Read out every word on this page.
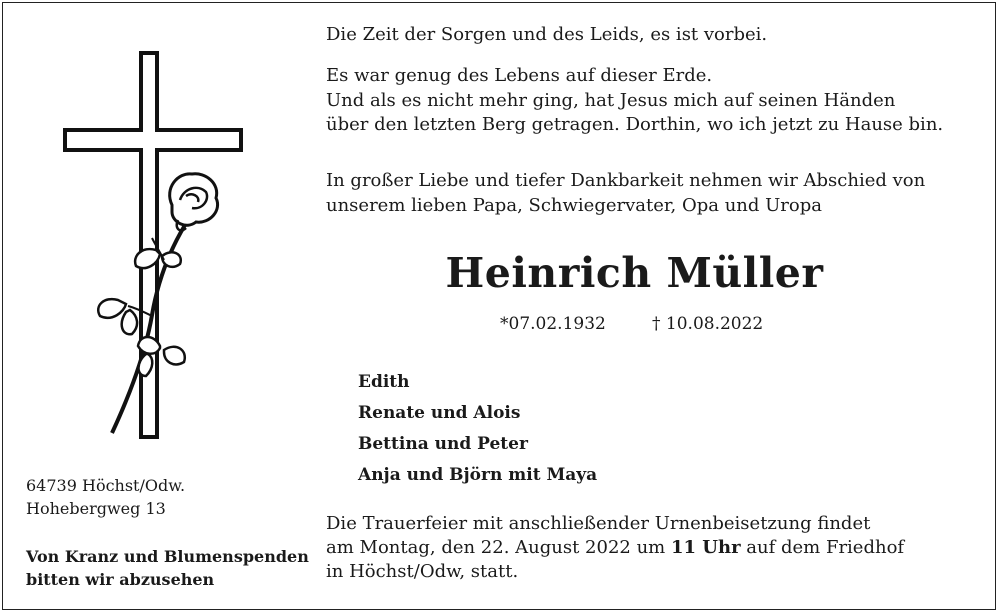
64739 Höchst/Odw.
Hohebergweg 13
Von Kranz und Blumenspenden
bitten wir abzusehen
Die Zeit der Sorgen und des Leids, es ist vorbei.
Es war genug des Lebens auf dieser Erde.
Und als es nicht mehr ging, hat Jesus mich auf seinen Händen
über den letzten Berg getragen. Dorthin, wo ich jetzt zu Hause bin.
In großer Liebe und tiefer Dankbarkeit nehmen wir Abschied von
unserem lieben Papa, Schwiegervater, Opa und Uropa
Heinrich Müller
*07.02.1932	† 10.08.2022
Edith
Renate und Alois
Bettina und Peter
Anja und Björn mit Maya
Die Trauerfeier mit anschließender Urnenbeisetzung findet
am Montag, den 22. August 2022 um 11 Uhr auf dem Friedhof
in Höchst/Odw, statt.
